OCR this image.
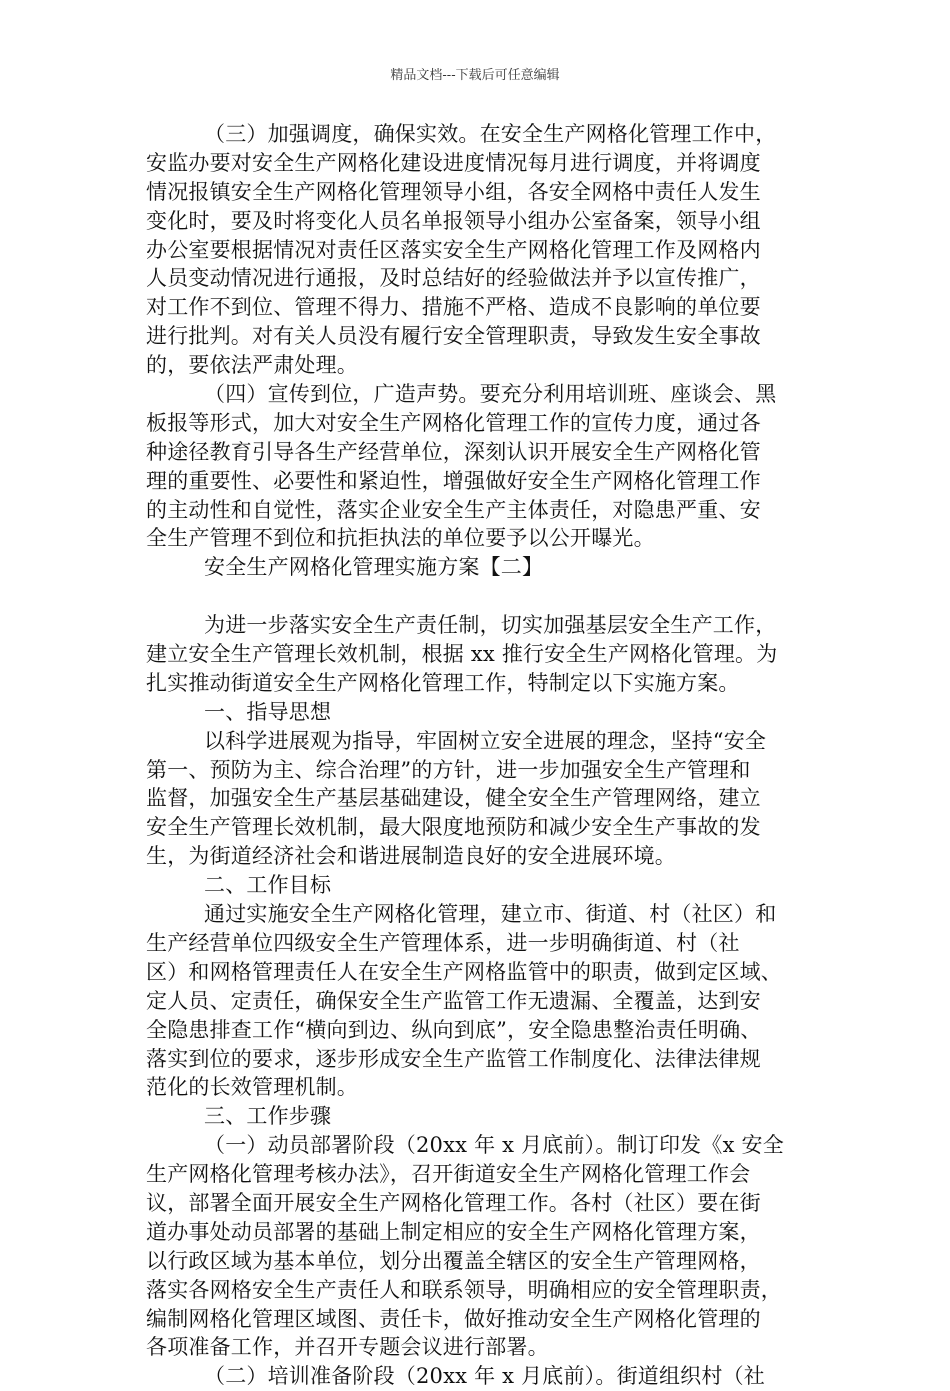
精品文档---下载后可任意编辑
（三）加强调度，确保实效。在安全生产网格化管理工作中，
安监办要对安全生产网格化建设进度情况每月进行调度，并将调度
情况报镇安全生产网格化管理领导小组，各安全网格中责任人发生
变化时，要及时将变化人员名单报领导小组办公室备案，领导小组
办公室要根据情况对责任区落实安全生产网格化管理工作及网格内
人员变动情况进行通报，及时总结好的经验做法并予以宣传推广，
对工作不到位、管理不得力、措施不严格、造成不良影响的单位要
进行批判。对有关人员没有履行安全管理职责，导致发生安全事故
的，要依法严肃处理。
（四）宣传到位，广造声势。要充分利用培训班、座谈会、黑
板报等形式，加大对安全生产网格化管理工作的宣传力度，通过各
种途径教育引导各生产经营单位，深刻认识开展安全生产网格化管
理的重要性、必要性和紧迫性，增强做好安全生产网格化管理工作
的主动性和自觉性，落实企业安全生产主体责任，对隐患严重、安
全生产管理不到位和抗拒执法的单位要予以公开曝光。
安全生产网格化管理实施方案【二】
为进一步落实安全生产责任制，切实加强基层安全生产工作，
建立安全生产管理长效机制，根据 xx 推行安全生产网格化管理。为
扎实推动街道安全生产网格化管理工作，特制定以下实施方案。
一、指导思想
以科学进展观为指导，牢固树立安全进展的理念，坚持“安全
第一、预防为主、综合治理”的方针，进一步加强安全生产管理和
监督，加强安全生产基层基础建设，健全安全生产管理网络，建立
安全生产管理长效机制，最大限度地预防和减少安全生产事故的发
生，为街道经济社会和谐进展制造良好的安全进展环境。
二、工作目标
通过实施安全生产网格化管理，建立市、街道、村（社区）和
生产经营单位四级安全生产管理体系，进一步明确街道、村（社
区）和网格管理责任人在安全生产网格监管中的职责，做到定区域、
定人员、定责任，确保安全生产监管工作无遗漏、全覆盖，达到安
全隐患排查工作“横向到边、纵向到底”，安全隐患整治责任明确、
落实到位的要求，逐步形成安全生产监管工作制度化、法律法律规
范化的长效管理机制。
三、工作步骤
（一）动员部署阶段（20xx 年 x 月底前）。制订印发《x 安全
生产网格化管理考核办法》，召开街道安全生产网格化管理工作会
议，部署全面开展安全生产网格化管理工作。各村（社区）要在街
道办事处动员部署的基础上制定相应的安全生产网格化管理方案，
以行政区域为基本单位，划分出覆盖全辖区的安全生产管理网格，
落实各网格安全生产责任人和联系领导，明确相应的安全管理职责，
编制网格化管理区域图、责任卡，做好推动安全生产网格化管理的
各项准备工作，并召开专题会议进行部署。
（二）培训准备阶段（20xx 年 x 月底前）。街道组织村（社
